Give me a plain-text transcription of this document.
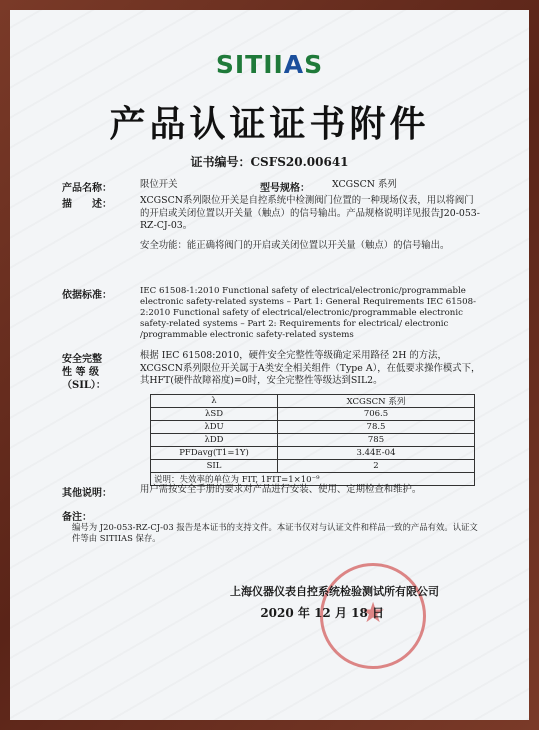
SITIIAS
产品认证证书附件
证书编号：CSFS20.00641
产品名称：	限位开关	型号规格： XCGSCN 系列
描　　述：	XCGSCN系列限位开关是自控系统中检测阀门位置的一种现场仪表，用以将阀门的开启或关闭位置以开关量（触点）的信号输出。产品规格说明详见报告J20-053-RZ-CJ-03。
安全功能：能正确将阀门的开启或关闭位置以开关量（触点）的信号输出。
依据标准：	IEC 61508-1:2010 Functional safety of electrical/electronic/programmable electronic safety-related systems – Part 1: General Requirements IEC 61508-2:2010 Functional safety of electrical/electronic/programmable electronic safety-related systems – Part 2: Requirements for electrical/ electronic /programmable electronic safety-related systems
安全完整
性 等 级
（SIL）：
根据 IEC 61508:2010，硬件安全完整性等级确定采用路径 2H 的方法，XCGSCN系列限位开关属于A类安全相关组件（Type A），在低要求操作模式下，其HFT(硬件故障裕度)=0时，安全完整性等级达到SIL2。
λ	XCGSCN 系列
λSD	706.5
λDU	78.5
λDD	785
PFDavg(T1=1Y)	3.44E-04
SIL	2
说明：失效率的单位为 FIT, 1FIT=1×10⁻⁹	
其他说明：	用户需按安全手册的要求对产品进行安装、使用、定期检查和维护。
备注：
编号为 J20-053-RZ-CJ-03 报告是本证书的支持文件。本证书仅对与认证文件和样品一致的产品有效。认证文件等由 SITIIAS 保存。
★
上海仪器仪表自控系统检验测试所有限公司
2020 年 12 月 18 日
